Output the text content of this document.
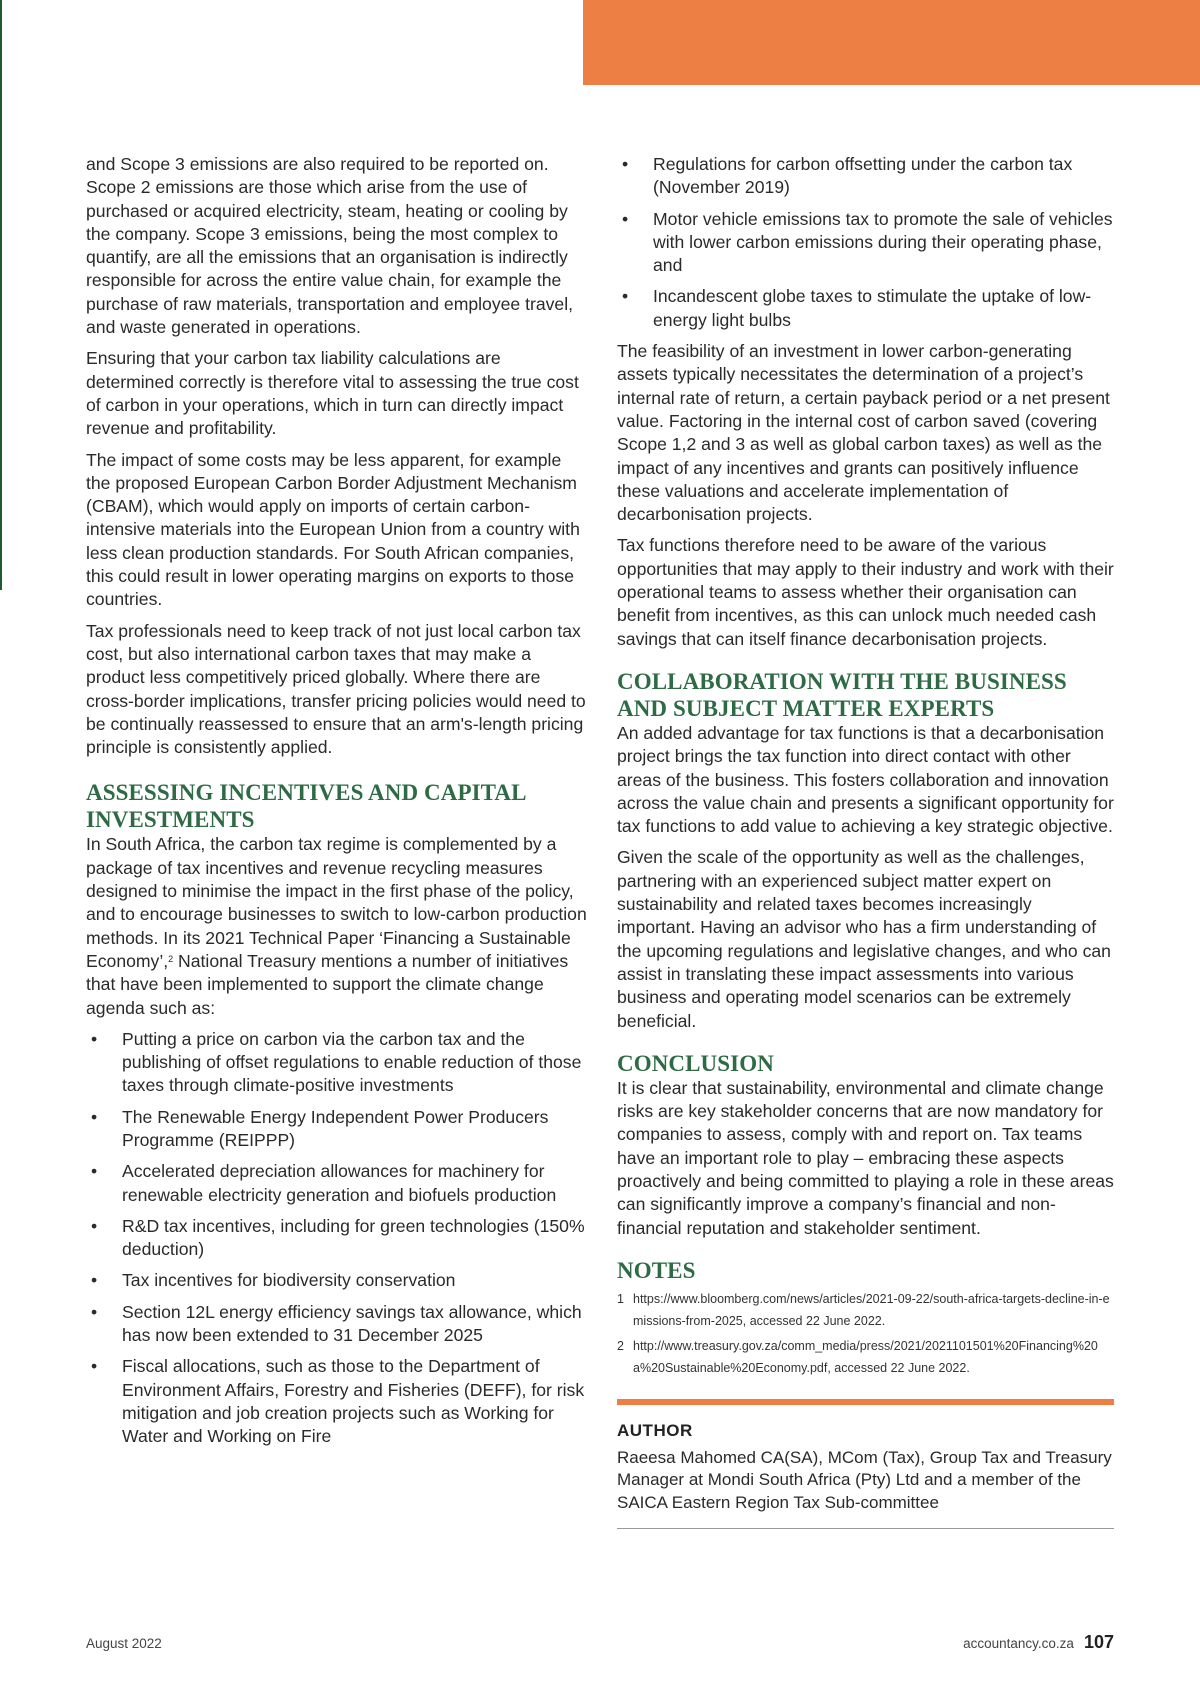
and Scope 3 emissions are also required to be reported on. Scope 2 emissions are those which arise from the use of purchased or acquired electricity, steam, heating or cooling by the company. Scope 3 emissions, being the most complex to quantify, are all the emissions that an organisation is indirectly responsible for across the entire value chain, for example the purchase of raw materials, transportation and employee travel, and waste generated in operations.

Ensuring that your carbon tax liability calculations are determined correctly is therefore vital to assessing the true cost of carbon in your operations, which in turn can directly impact revenue and profitability.

The impact of some costs may be less apparent, for example the proposed European Carbon Border Adjustment Mechanism (CBAM), which would apply on imports of certain carbon-intensive materials into the European Union from a country with less clean production standards. For South African companies, this could result in lower operating margins on exports to those countries.

Tax professionals need to keep track of not just local carbon tax cost, but also international carbon taxes that may make a product less competitively priced globally. Where there are cross-border implications, transfer pricing policies would need to be continually reassessed to ensure that an arm's-length pricing principle is consistently applied.

ASSESSING INCENTIVES AND CAPITAL INVESTMENTS

In South Africa, the carbon tax regime is complemented by a package of tax incentives and revenue recycling measures designed to minimise the impact in the first phase of the policy, and to encourage businesses to switch to low-carbon production methods. In its 2021 Technical Paper ‘Financing a Sustainable Economy’,$^2$ National Treasury mentions a number of initiatives that have been implemented to support the climate change agenda such as:

• Putting a price on carbon via the carbon tax and the publishing of offset regulations to enable reduction of those taxes through climate-positive investments
• The Renewable Energy Independent Power Producers Programme (REIPPP)
• Accelerated depreciation allowances for machinery for renewable electricity generation and biofuels production
• R&D tax incentives, including for green technologies (150% deduction)
• Tax incentives for biodiversity conservation
• Section 12L energy efficiency savings tax allowance, which has now been extended to 31 December 2025
• Fiscal allocations, such as those to the Department of Environment Affairs, Forestry and Fisheries (DEFF), for risk mitigation and job creation projects such as Working for Water and Working on Fire
• Regulations for carbon offsetting under the carbon tax (November 2019)
• Motor vehicle emissions tax to promote the sale of vehicles with lower carbon emissions during their operating phase, and
• Incandescent globe taxes to stimulate the uptake of low-energy light bulbs

The feasibility of an investment in lower carbon-generating assets typically necessitates the determination of a project’s internal rate of return, a certain payback period or a net present value. Factoring in the internal cost of carbon saved (covering Scope 1,2 and 3 as well as global carbon taxes) as well as the impact of any incentives and grants can positively influence these valuations and accelerate implementation of decarbonisation projects.

Tax functions therefore need to be aware of the various opportunities that may apply to their industry and work with their operational teams to assess whether their organisation can benefit from incentives, as this can unlock much needed cash savings that can itself finance decarbonisation projects.

COLLABORATION WITH THE BUSINESS AND SUBJECT MATTER EXPERTS

An added advantage for tax functions is that a decarbonisation project brings the tax function into direct contact with other areas of the business. This fosters collaboration and innovation across the value chain and presents a significant opportunity for tax functions to add value to achieving a key strategic objective.

Given the scale of the opportunity as well as the challenges, partnering with an experienced subject matter expert on sustainability and related taxes becomes increasingly important. Having an advisor who has a firm understanding of the upcoming regulations and legislative changes, and who can assist in translating these impact assessments into various business and operating model scenarios can be extremely beneficial.

CONCLUSION

It is clear that sustainability, environmental and climate change risks are key stakeholder concerns that are now mandatory for companies to assess, comply with and report on. Tax teams have an important role to play – embracing these aspects proactively and being committed to playing a role in these areas can significantly improve a company’s financial and non-financial reputation and stakeholder sentiment.

NOTES
1 https://www.bloomberg.com/news/articles/2021-09-22/south-africa-targets-decline-in-emissions-from-2025, accessed 22 June 2022.
2 http://www.treasury.gov.za/comm_media/press/2021/2021101501%20Financing%20a%20Sustainable%20Economy.pdf, accessed 22 June 2022.
AUTHOR

Raeesa Mahomed CA(SA), MCom (Tax), Group Tax and Treasury Manager at Mondi South Africa (Pty) Ltd and a member of the SAICA Eastern Region Tax Sub-committee

August 2022	accountancy.co.za 107
